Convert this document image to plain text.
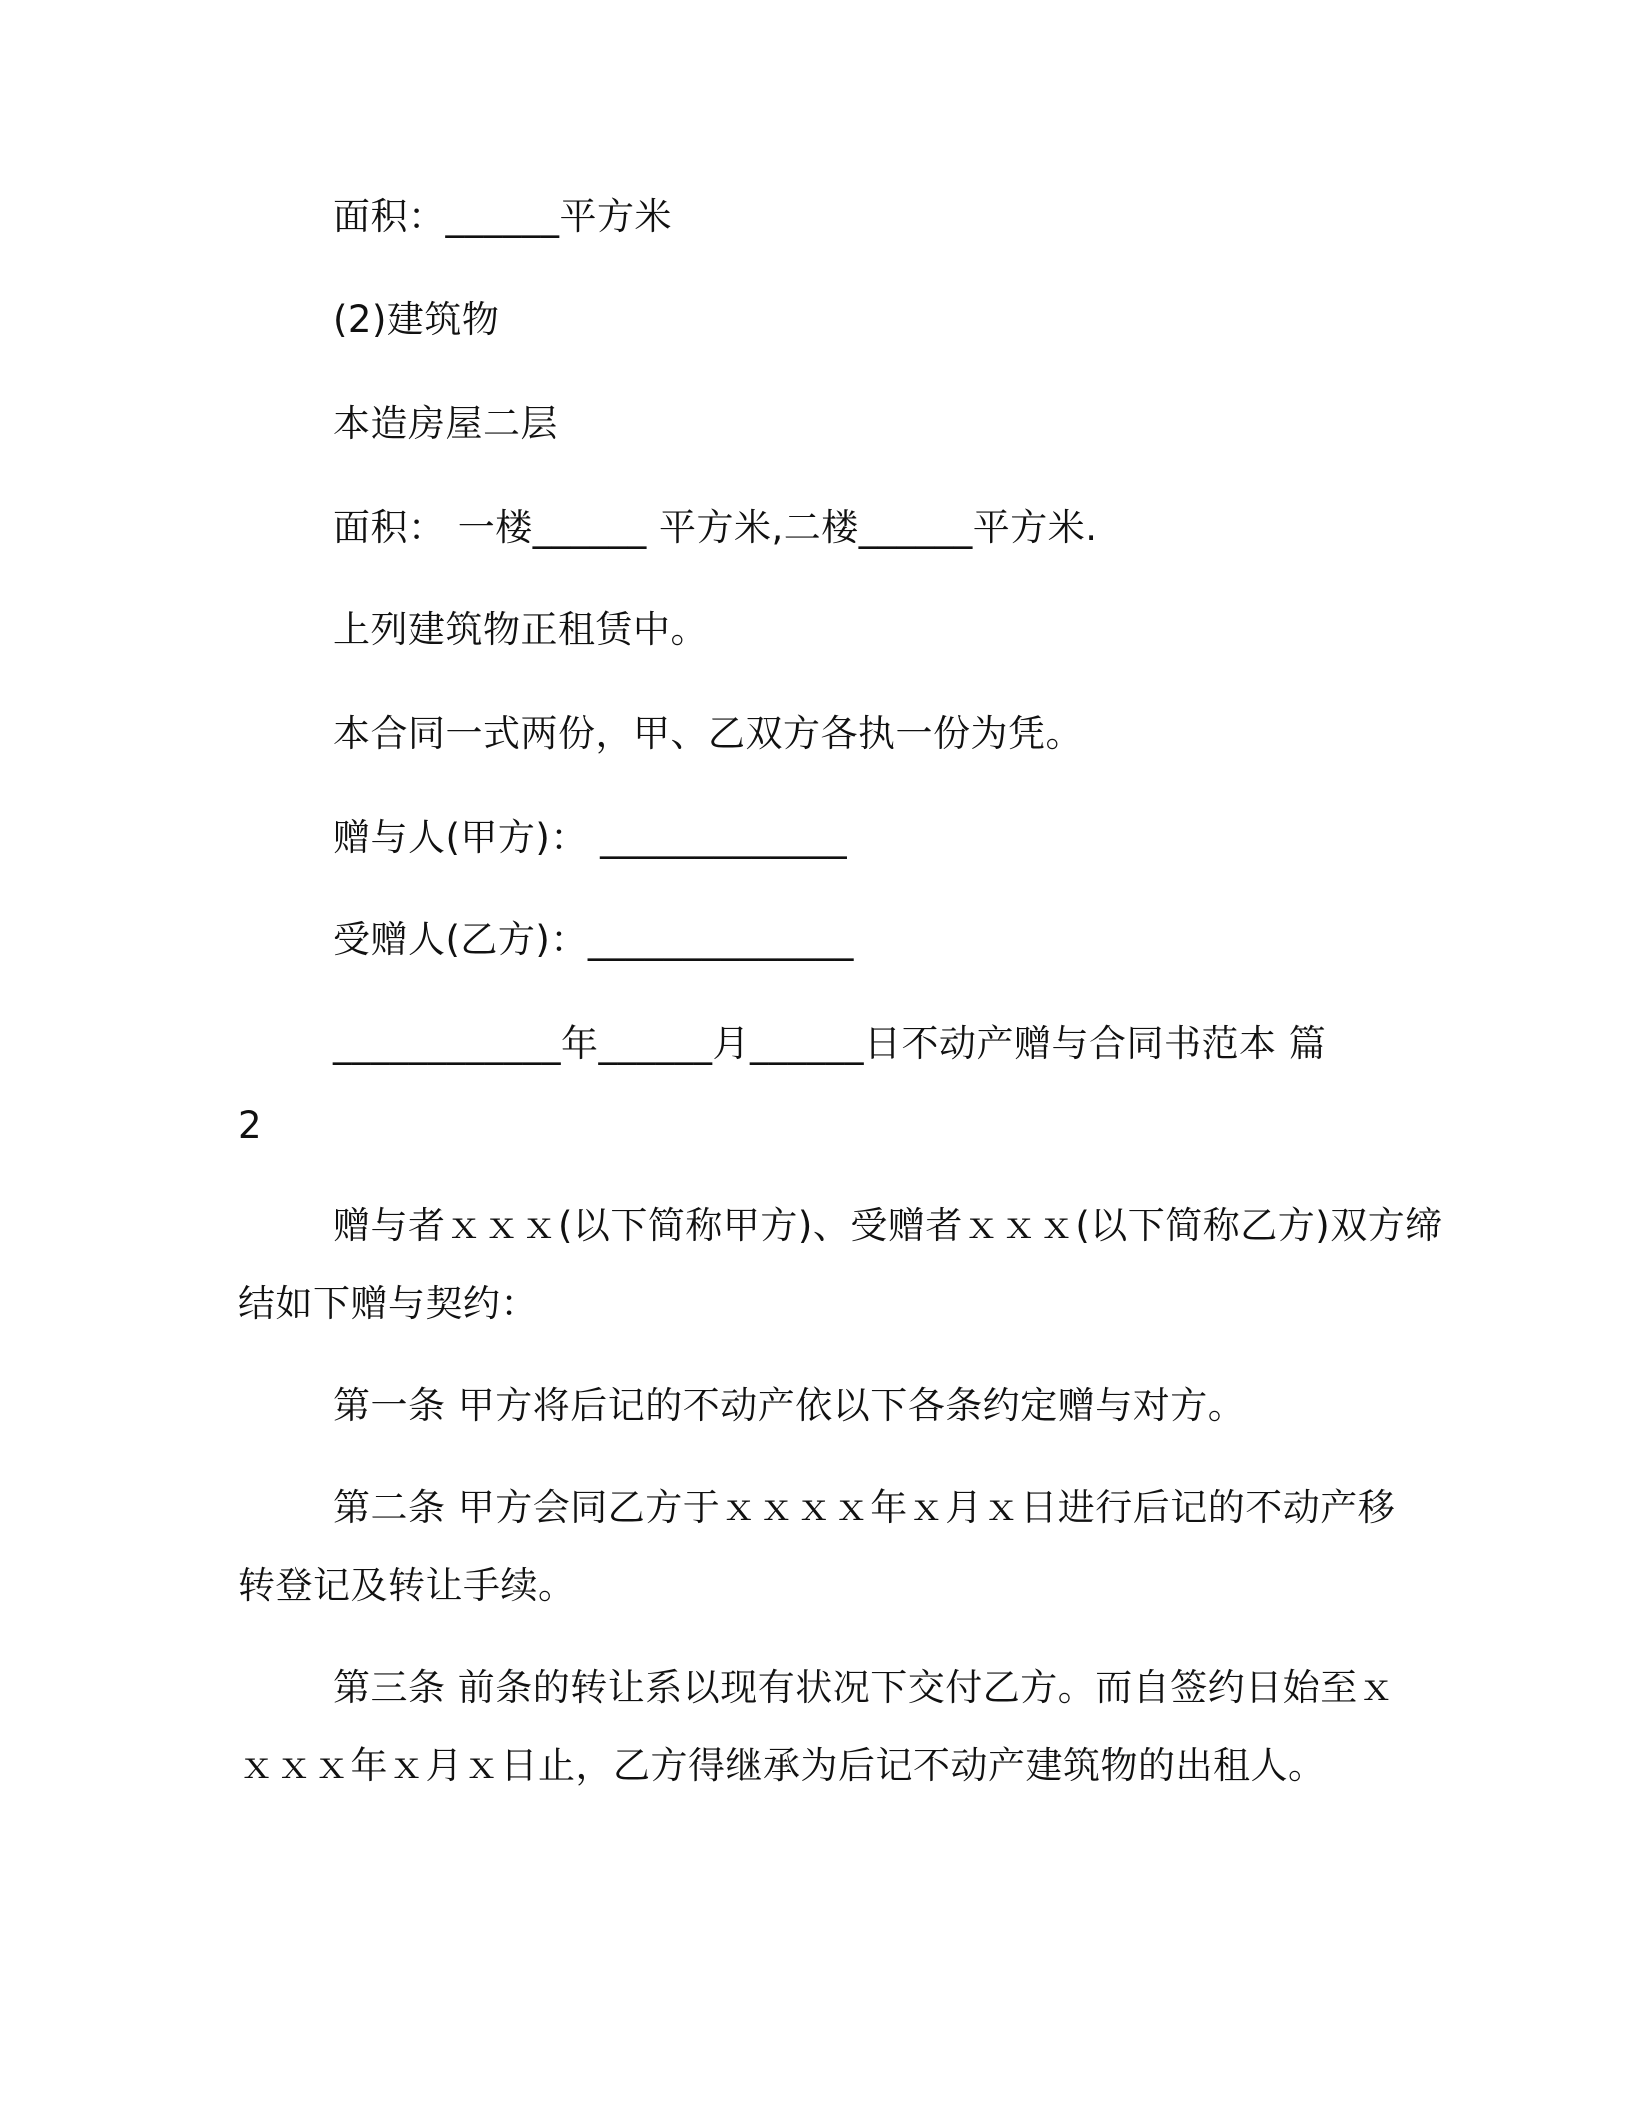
面积：______平方米
(2)建筑物
本造房屋二层
面积： 一楼______ 平方米,二楼______平方米.
上列建筑物正租赁中。
本合同一式两份，甲、乙双方各执一份为凭。
赠与人(甲方)： _____________
受赠人(乙方)：______________
____________年______月______日不动产赠与合同书范本 篇
2
赠与者ｘｘｘ(以下简称甲方)、受赠者ｘｘｘ(以下简称乙方)双方缔
结如下赠与契约：
第一条 甲方将后记的不动产依以下各条约定赠与对方。
第二条 甲方会同乙方于ｘｘｘｘ年ｘ月ｘ日进行后记的不动产移
转登记及转让手续。
第三条 前条的转让系以现有状况下交付乙方。而自签约日始至ｘ
ｘｘｘ年ｘ月ｘ日止，乙方得继承为后记不动产建筑物的出租人。
